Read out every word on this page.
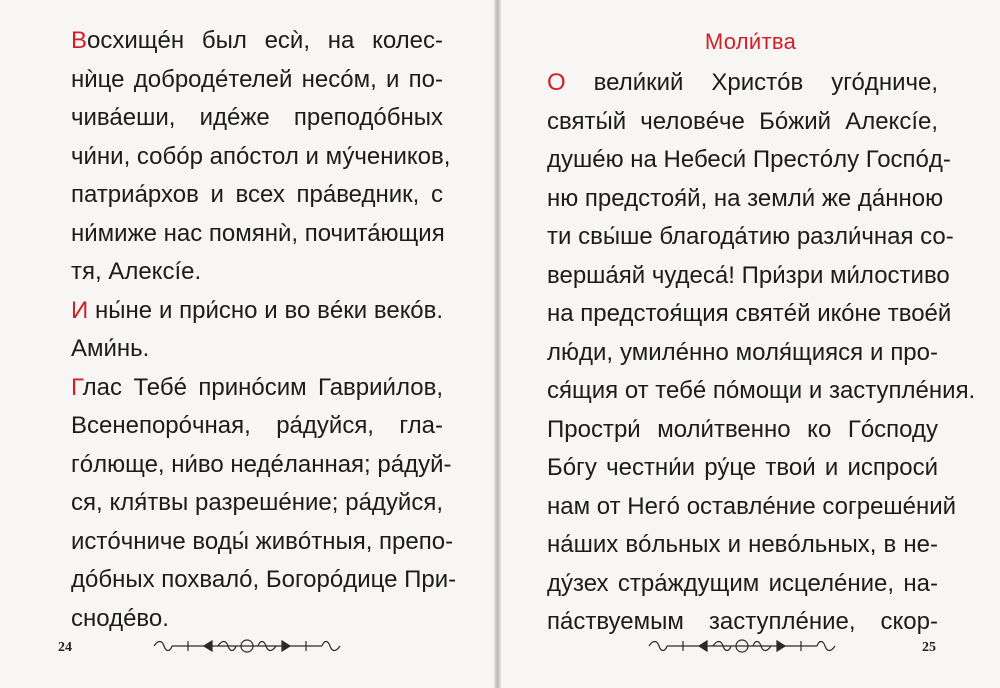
Восхищéн был есѝ, на колес-
нѝце доброде́телей несóм, и по-
чива́еши, идéже преподóбных
чи́ни, собóр апóстол и му́чеников,
патриа́рхов и всех пра́ведник, с
ни́миже нас помянѝ, почита́ющия
тя, Алексíе.
И ны́не и при́сно и во вéки векóв.
Ами́нь.
Глас Тебé принóсим Гаврии́лов,
Всенепорóчная, ра́дуйся, гла-
гóлюще, ни́во недéланная; ра́дуй-
ся, кля́твы разрешéние; ра́дуйся,
истóчниче воды́ живóтныя, препо-
дóбных похвалó, Богорóдице При-
снодéво.
24
Моли́тва
О вели́кий Христóв уго́дниче,
святы́й человéче Бóжий Алексíе,
душéю на Небеси́ Престóлу Госпóд-
ню предстоя́й, на земли́ же да́нною
ти свы́ше благода́тию разли́чная со-
верша́яй чудеса́! При́зри ми́лостиво
на предстоя́щия святéй икóне твоéй
лю́ди, умилéнно моля́щияся и про-
ся́щия от тебé пóмощи и заступлéния.
Простри́ моли́твенно ко Гóсподу
Бóгу честни́и ру́це твои́ и испроси́
нам от Негó оставлéние согрешéний
на́ших вóльных и невóльных, в не-
ду́зех стра́ждущим исцелéние, на-
па́ствуемым заступлéние, скор-
25
